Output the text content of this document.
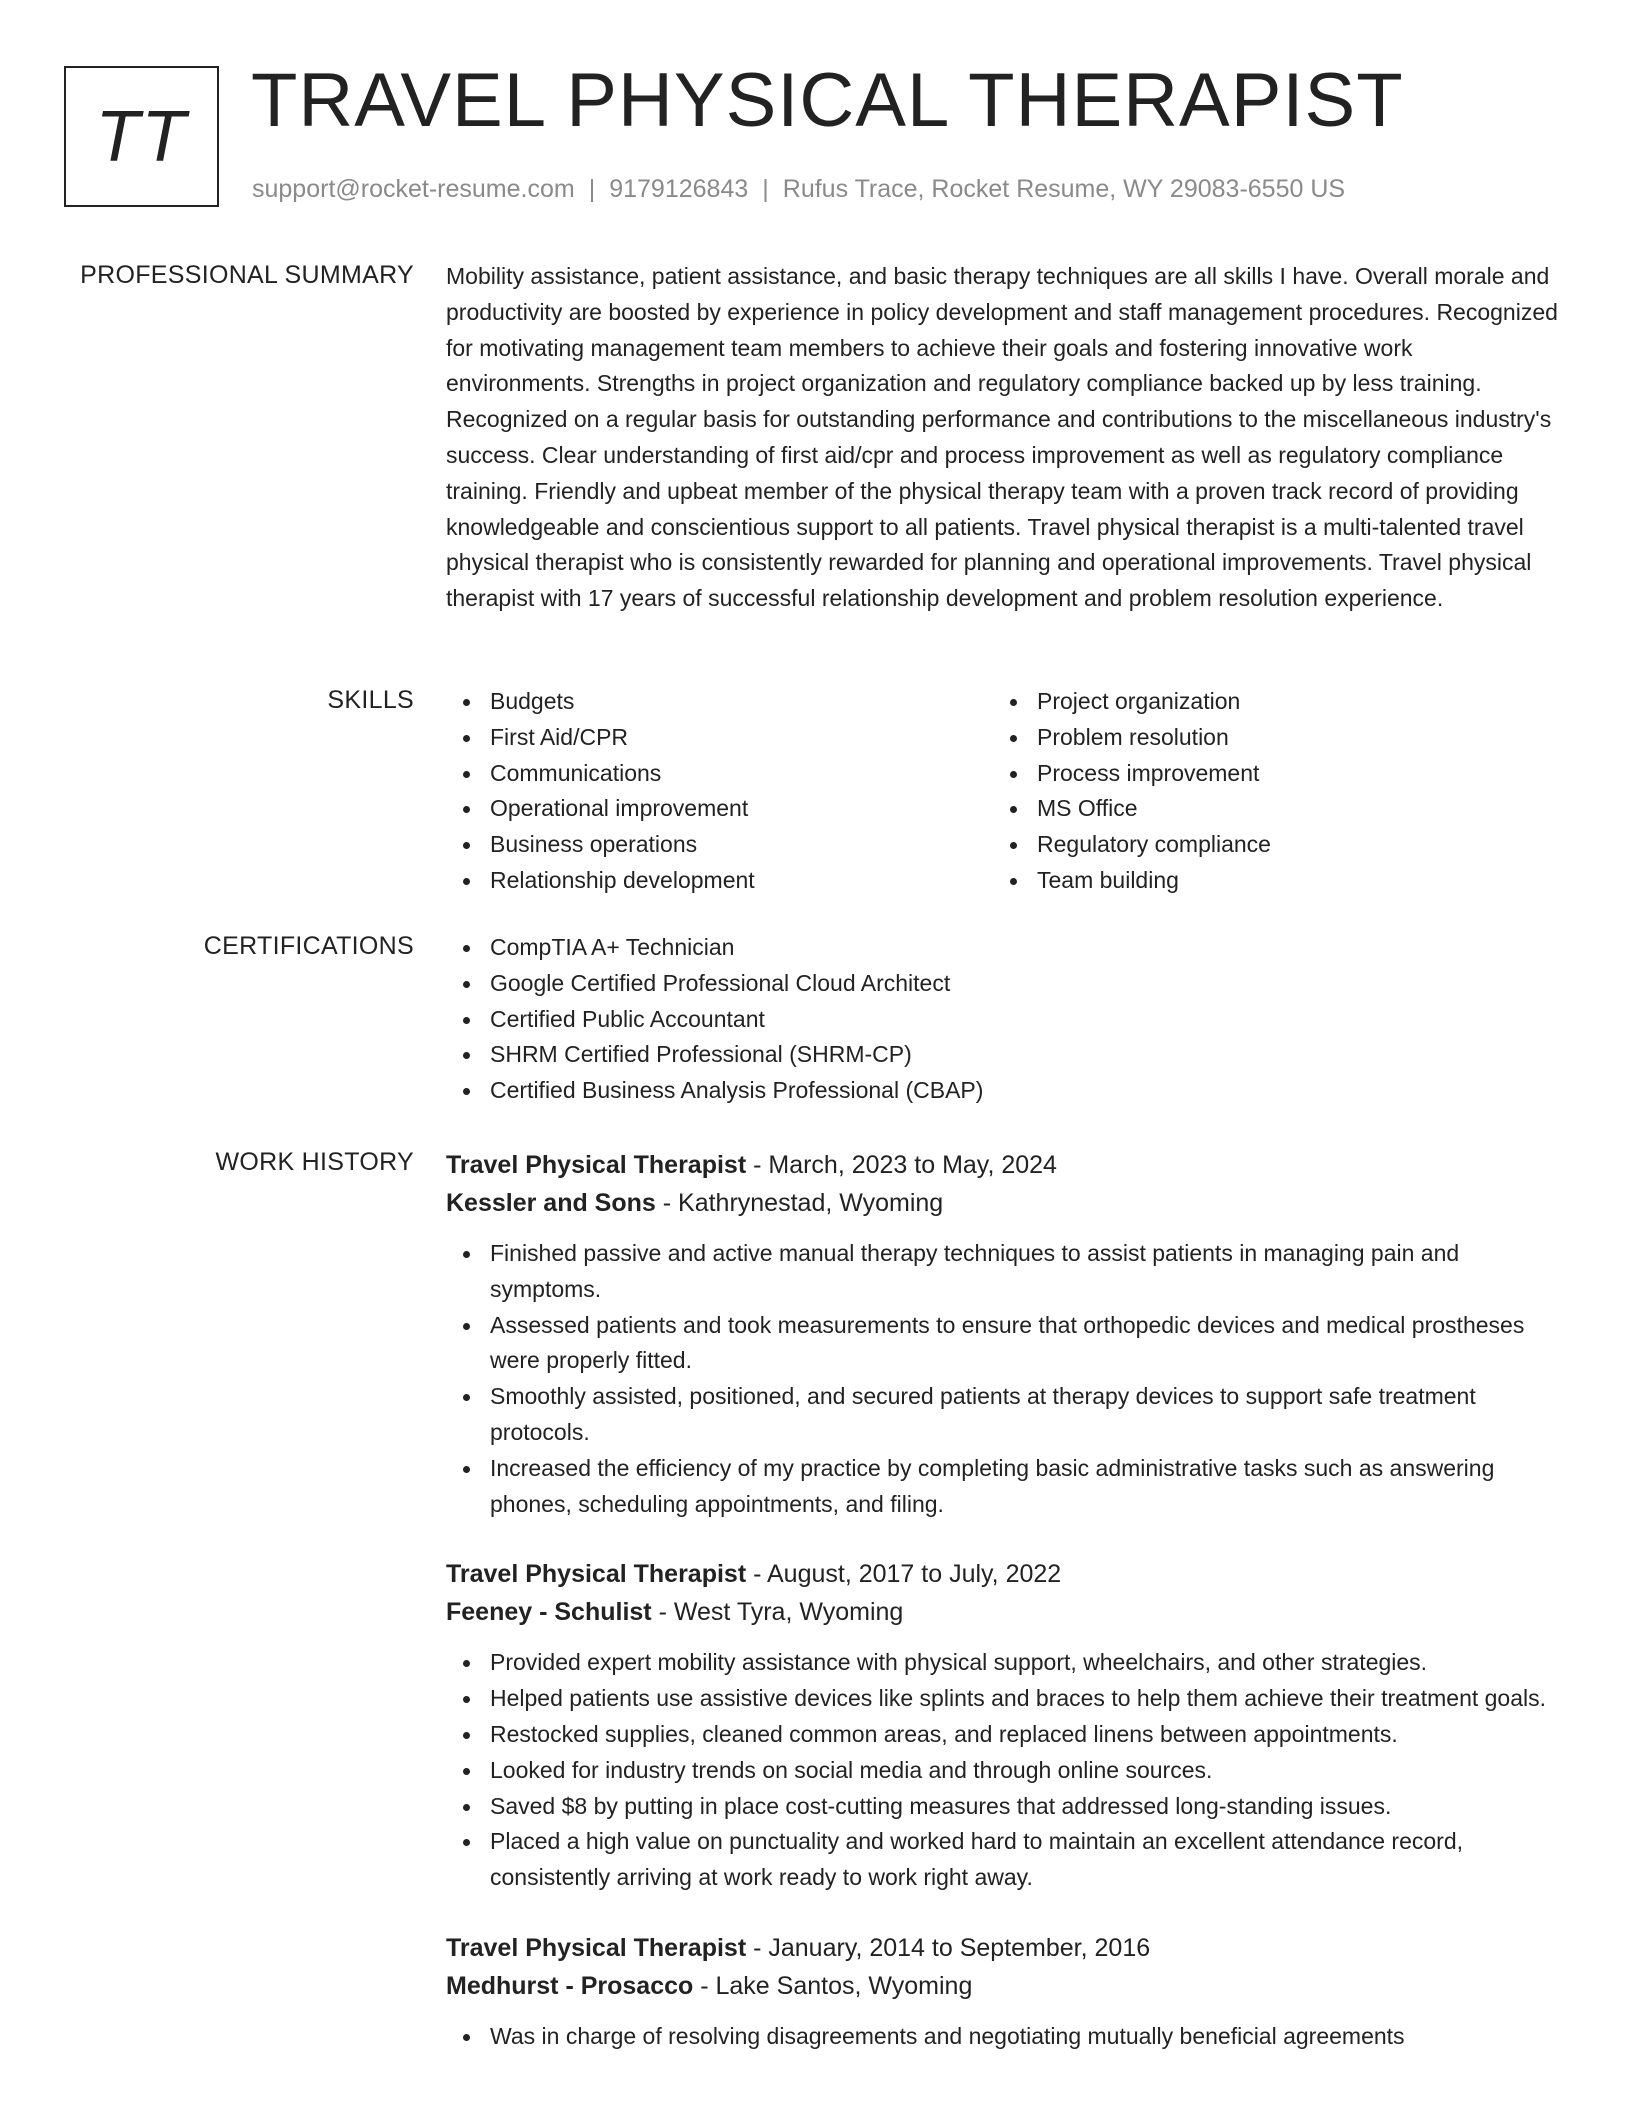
TT TRAVEL PHYSICAL THERAPIST
support@rocket-resume.com | 9179126843 | Rufus Trace, Rocket Resume, WY 29083-6550 US
PROFESSIONAL SUMMARY Mobility assistance, patient assistance, and basic therapy techniques are all skills I have. Overall morale and productivity are boosted by experience in policy development and staff management procedures. Recognized for motivating management team members to achieve their goals and fostering innovative work environments. Strengths in project organization and regulatory compliance backed up by less training. Recognized on a regular basis for outstanding performance and contributions to the miscellaneous industry's success. Clear understanding of first aid/cpr and process improvement as well as regulatory compliance training. Friendly and upbeat member of the physical therapy team with a proven track record of providing knowledgeable and conscientious support to all patients. Travel physical therapist is a multi-talented travel physical therapist who is consistently rewarded for planning and operational improvements. Travel physical therapist with 17 years of successful relationship development and problem resolution experience.

SKILLS	Budgets
First Aid/CPR
Communications
Operational improvement
Business operations
Relationship development
Project organization
Problem resolution
Process improvement
MS Office
Regulatory compliance
Team building
CERTIFICATIONS	CompTIA A+ Technician
Google Certified Professional Cloud Architect
Certified Public Accountant
SHRM Certified Professional (SHRM-CP)
Certified Business Analysis Professional (CBAP)
WORK HISTORY Travel Physical Therapist - March, 2023 to May, 2024
Kessler and Sons - Kathrynestad, Wyoming
Finished passive and active manual therapy techniques to assist patients in managing pain and symptoms.
Assessed patients and took measurements to ensure that orthopedic devices and medical prostheses were properly fitted.
Smoothly assisted, positioned, and secured patients at therapy devices to support safe treatment protocols.
Increased the efficiency of my practice by completing basic administrative tasks such as answering phones, scheduling appointments, and filing.
Travel Physical Therapist - August, 2017 to July, 2022
Feeney - Schulist - West Tyra, Wyoming
Provided expert mobility assistance with physical support, wheelchairs, and other strategies.
Helped patients use assistive devices like splints and braces to help them achieve their treatment goals.
Restocked supplies, cleaned common areas, and replaced linens between appointments.
Looked for industry trends on social media and through online sources.
Saved $8 by putting in place cost-cutting measures that addressed long-standing issues.
Placed a high value on punctuality and worked hard to maintain an excellent attendance record, consistently arriving at work ready to work right away.
Travel Physical Therapist - January, 2014 to September, 2016
Medhurst - Prosacco - Lake Santos, Wyoming
Was in charge of resolving disagreements and negotiating mutually beneficial agreements
